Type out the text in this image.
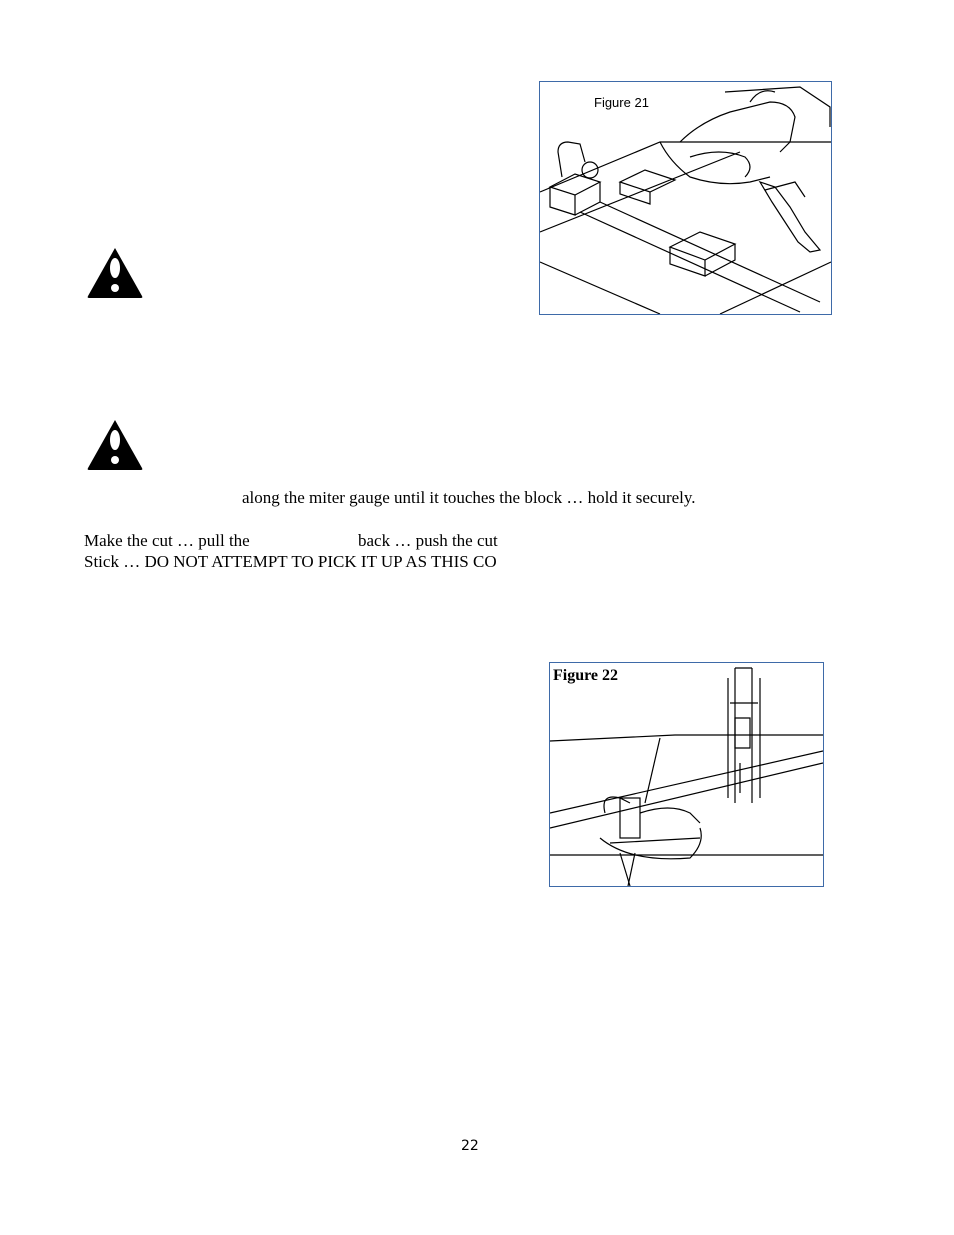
Figure 21
along the miter gauge until it touches the block … hold it securely.
Make the cut … pull the	back … push the cut
Stick … DO NOT ATTEMPT TO PICK IT UP AS THIS CO
Figure 22
22
